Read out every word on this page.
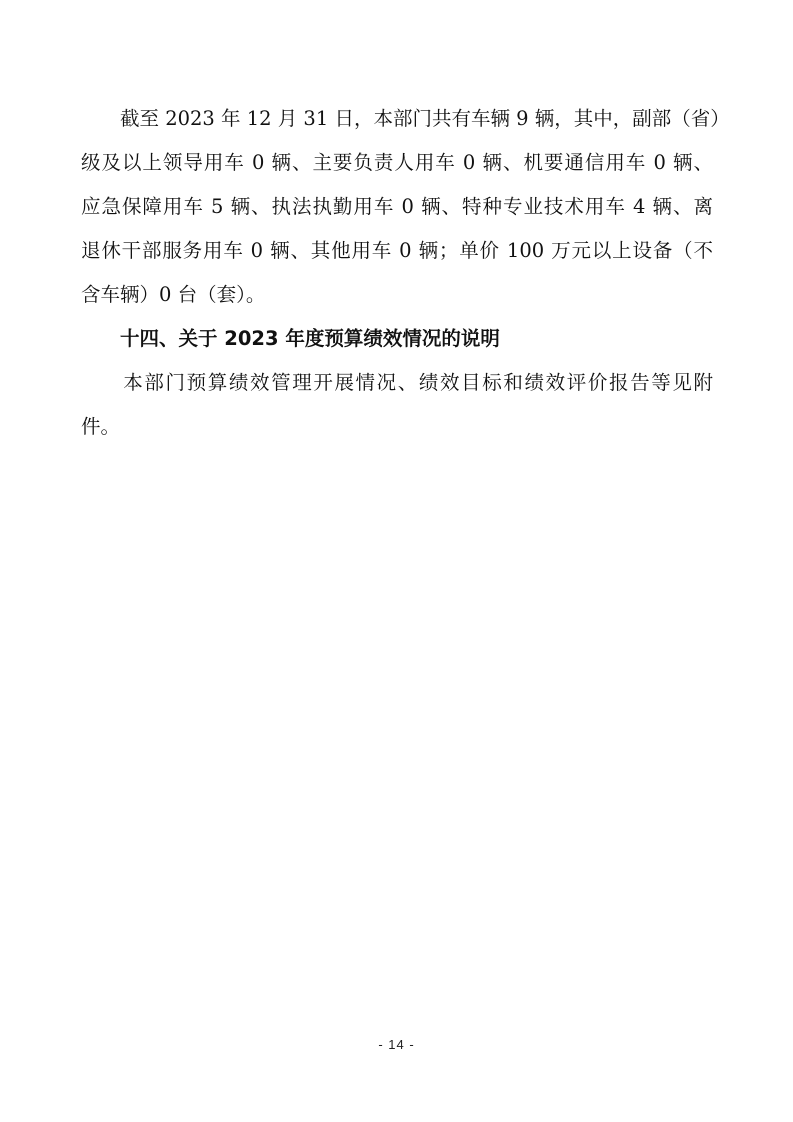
　　截至 2023 年 12 月 31 日，本部门共有车辆 9 辆，其中，副部（省）
级及以上领导用车 0 辆、主要负责人用车 0 辆、机要通信用车 0 辆、
应急保障用车 5 辆、执法执勤用车 0 辆、特种专业技术用车 4 辆、离
退休干部服务用车 0 辆、其他用车 0 辆；单价 100 万元以上设备（不
含车辆）0 台（套）。
　　十四、关于 2023 年度预算绩效情况的说明
　　本部门预算绩效管理开展情况、绩效目标和绩效评价报告等见附
件。
- 14 -
